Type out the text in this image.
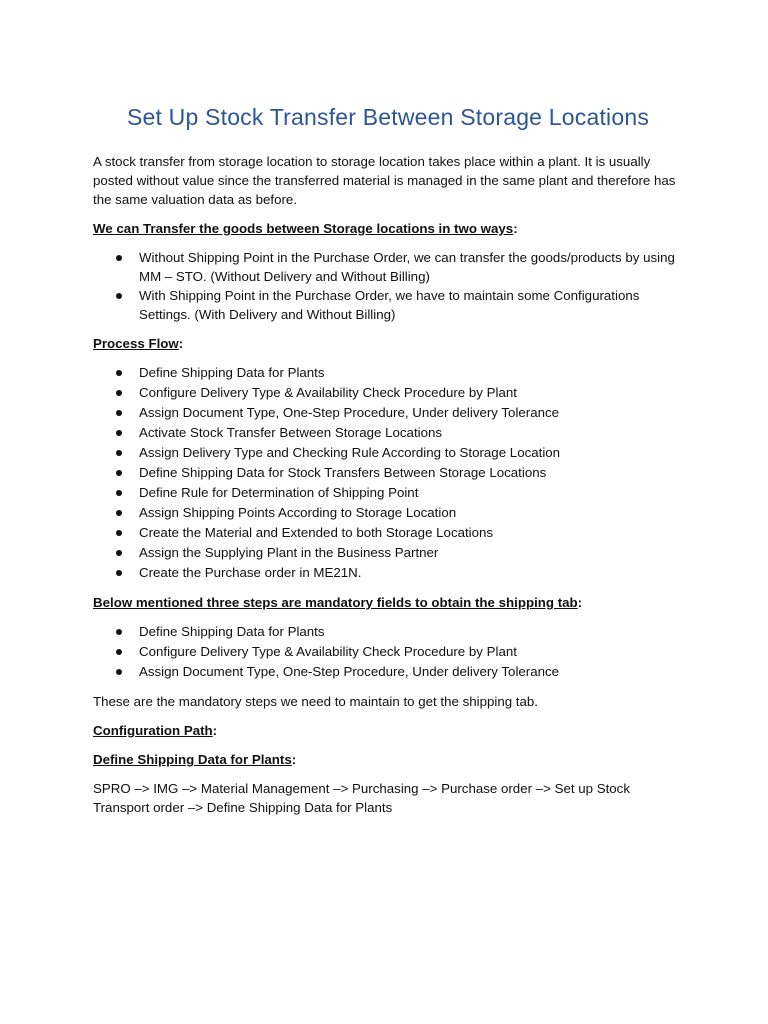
Set Up Stock Transfer Between Storage Locations

A stock transfer from storage location to storage location takes place within a plant. It is usually posted without value since the transferred material is managed in the same plant and therefore has the same valuation data as before.

We can Transfer the goods between Storage locations in two ways:

Without Shipping Point in the Purchase Order, we can transfer the goods/products by using MM – STO. (Without Delivery and Without Billing)
With Shipping Point in the Purchase Order, we have to maintain some Configurations Settings. (With Delivery and Without Billing)

Process Flow:

Define Shipping Data for Plants
Configure Delivery Type & Availability Check Procedure by Plant
Assign Document Type, One-Step Procedure, Under delivery Tolerance
Activate Stock Transfer Between Storage Locations
Assign Delivery Type and Checking Rule According to Storage Location
Define Shipping Data for Stock Transfers Between Storage Locations
Define Rule for Determination of Shipping Point
Assign Shipping Points According to Storage Location
Create the Material and Extended to both Storage Locations
Assign the Supplying Plant in the Business Partner
Create the Purchase order in ME21N.

Below mentioned three steps are mandatory fields to obtain the shipping tab:

Define Shipping Data for Plants
Configure Delivery Type & Availability Check Procedure by Plant
Assign Document Type, One-Step Procedure, Under delivery Tolerance

These are the mandatory steps we need to maintain to get the shipping tab.

Configuration Path:

Define Shipping Data for Plants:

SPRO –> IMG –> Material Management –> Purchasing –> Purchase order –> Set up Stock Transport order –> Define Shipping Data for Plants
